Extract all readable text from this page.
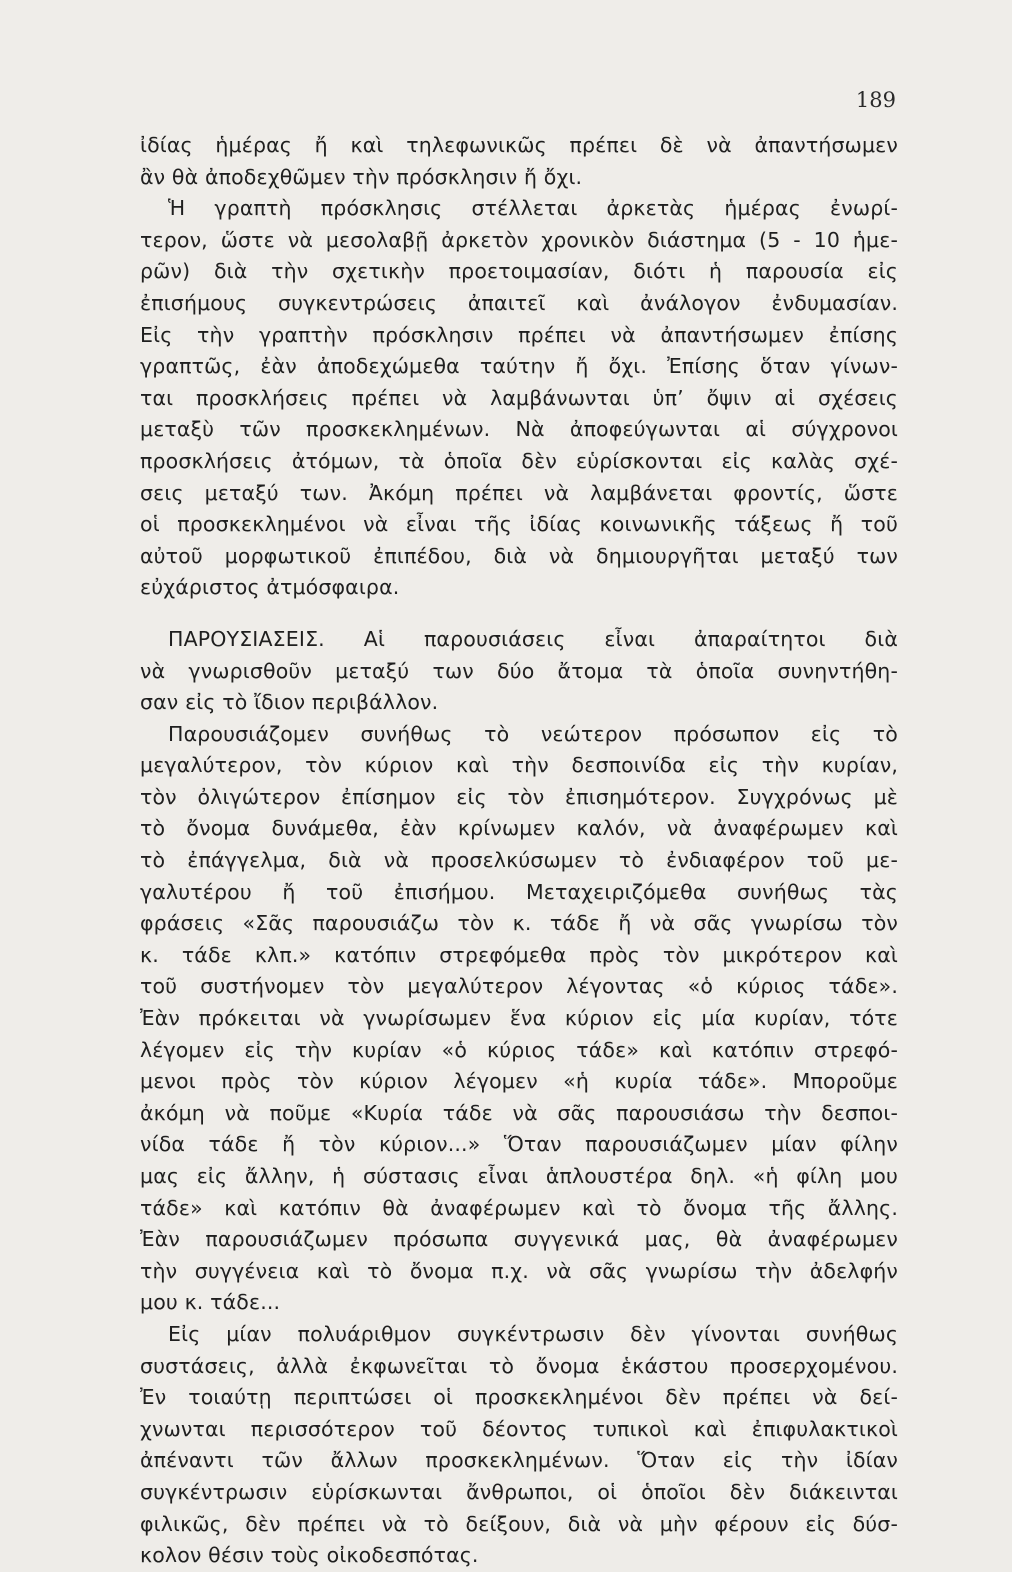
189
ἰδίας ἡμέρας ἤ καὶ τηλεφωνικῶς πρέπει δὲ νὰ ἀπαντήσωμεν
ἂν θὰ ἀποδεχθῶμεν τὴν πρόσκλησιν ἤ ὄχι.
Ἡ γραπτὴ πρόσκλησις στέλλεται ἀρκετὰς ἡμέρας ἐνωρί-
τερον, ὥστε νὰ μεσολαβῇ ἀρκετὸν χρονικὸν διάστημα (5 - 10 ἡμε-
ρῶν) διὰ τὴν σχετικὴν προετοιμασίαν, διότι ἡ παρουσία εἰς
ἐπισήμους συγκεντρώσεις ἀπαιτεῖ καὶ ἀνάλογον ἐνδυμασίαν.
Εἰς τὴν γραπτὴν πρόσκλησιν πρέπει νὰ ἀπαντήσωμεν ἐπίσης
γραπτῶς, ἐὰν ἀποδεχώμεθα ταύτην ἤ ὄχι. Ἐπίσης ὅταν γίνων-
ται προσκλήσεις πρέπει νὰ λαμβάνωνται ὑπ’ ὄψιν αἱ σχέσεις
μεταξὺ τῶν προσκεκλημένων. Νὰ ἀποφεύγωνται αἱ σύγχρονοι
προσκλήσεις ἀτόμων, τὰ ὁποῖα δὲν εὑρίσκονται εἰς καλὰς σχέ-
σεις μεταξύ των. Ἀκόμη πρέπει νὰ λαμβάνεται φροντίς, ὥστε
οἱ προσκεκλημένοι νὰ εἶναι τῆς ἰδίας κοινωνικῆς τάξεως ἤ τοῦ
αὐτοῦ μορφωτικοῦ ἐπιπέδου, διὰ νὰ δημιουργῆται μεταξύ των
εὐχάριστος ἀτμόσφαιρα.
ΠΑΡΟΥΣΙΑΣΕΙΣ. Αἱ παρουσιάσεις εἶναι ἀπαραίτητοι διὰ
νὰ γνωρισθοῦν μεταξύ των δύο ἄτομα τὰ ὁποῖα συνηντήθη-
σαν εἰς τὸ ἴδιον περιβάλλον.
Παρουσιάζομεν συνήθως τὸ νεώτερον πρόσωπον εἰς τὸ
μεγαλύτερον, τὸν κύριον καὶ τὴν δεσποινίδα εἰς τὴν κυρίαν,
τὸν ὀλιγώτερον ἐπίσημον εἰς τὸν ἐπισημότερον. Συγχρόνως μὲ
τὸ ὄνομα δυνάμεθα, ἐὰν κρίνωμεν καλόν, νὰ ἀναφέρωμεν καὶ
τὸ ἐπάγγελμα, διὰ νὰ προσελκύσωμεν τὸ ἐνδιαφέρον τοῦ με-
γαλυτέρου ἤ τοῦ ἐπισήμου. Μεταχειριζόμεθα συνήθως τὰς
φράσεις «Σᾶς παρουσιάζω τὸν κ. τάδε ἤ νὰ σᾶς γνωρίσω τὸν
κ. τάδε κλπ.» κατόπιν στρεφόμεθα πρὸς τὸν μικρότερον καὶ
τοῦ συστήνομεν τὸν μεγαλύτερον λέγοντας «ὁ κύριος τάδε».
Ἐὰν πρόκειται νὰ γνωρίσωμεν ἕνα κύριον εἰς μία κυρίαν, τότε
λέγομεν εἰς τὴν κυρίαν «ὁ κύριος τάδε» καὶ κατόπιν στρεφό-
μενοι πρὸς τὸν κύριον λέγομεν «ἡ κυρία τάδε». Μποροῦμε
ἀκόμη νὰ ποῦμε «Κυρία τάδε νὰ σᾶς παρουσιάσω τὴν δεσποι-
νίδα τάδε ἤ τὸν κύριον...» Ὅταν παρουσιάζωμεν μίαν φίλην
μας εἰς ἄλλην, ἡ σύστασις εἶναι ἁπλουστέρα δηλ. «ἡ φίλη μου
τάδε» καὶ κατόπιν θὰ ἀναφέρωμεν καὶ τὸ ὄνομα τῆς ἄλλης.
Ἐὰν παρουσιάζωμεν πρόσωπα συγγενικά μας, θὰ ἀναφέρωμεν
τὴν συγγένεια καὶ τὸ ὄνομα π.χ. νὰ σᾶς γνωρίσω τὴν ἀδελφήν
μου κ. τάδε...
Εἰς μίαν πολυάριθμον συγκέντρωσιν δὲν γίνονται συνήθως
συστάσεις, ἀλλὰ ἐκφωνεῖται τὸ ὄνομα ἑκάστου προσερχομένου.
Ἐν τοιαύτῃ περιπτώσει οἱ προσκεκλημένοι δὲν πρέπει νὰ δεί-
χνωνται περισσότερον τοῦ δέοντος τυπικοὶ καὶ ἐπιφυλακτικοὶ
ἀπέναντι τῶν ἄλλων προσκεκλημένων. Ὅταν εἰς τὴν ἰδίαν
συγκέντρωσιν εὑρίσκωνται ἄνθρωποι, οἱ ὁποῖοι δὲν διάκεινται
φιλικῶς, δὲν πρέπει νὰ τὸ δείξουν, διὰ νὰ μὴν φέρουν εἰς δύσ-
κολον θέσιν τοὺς οἰκοδεσπότας.
